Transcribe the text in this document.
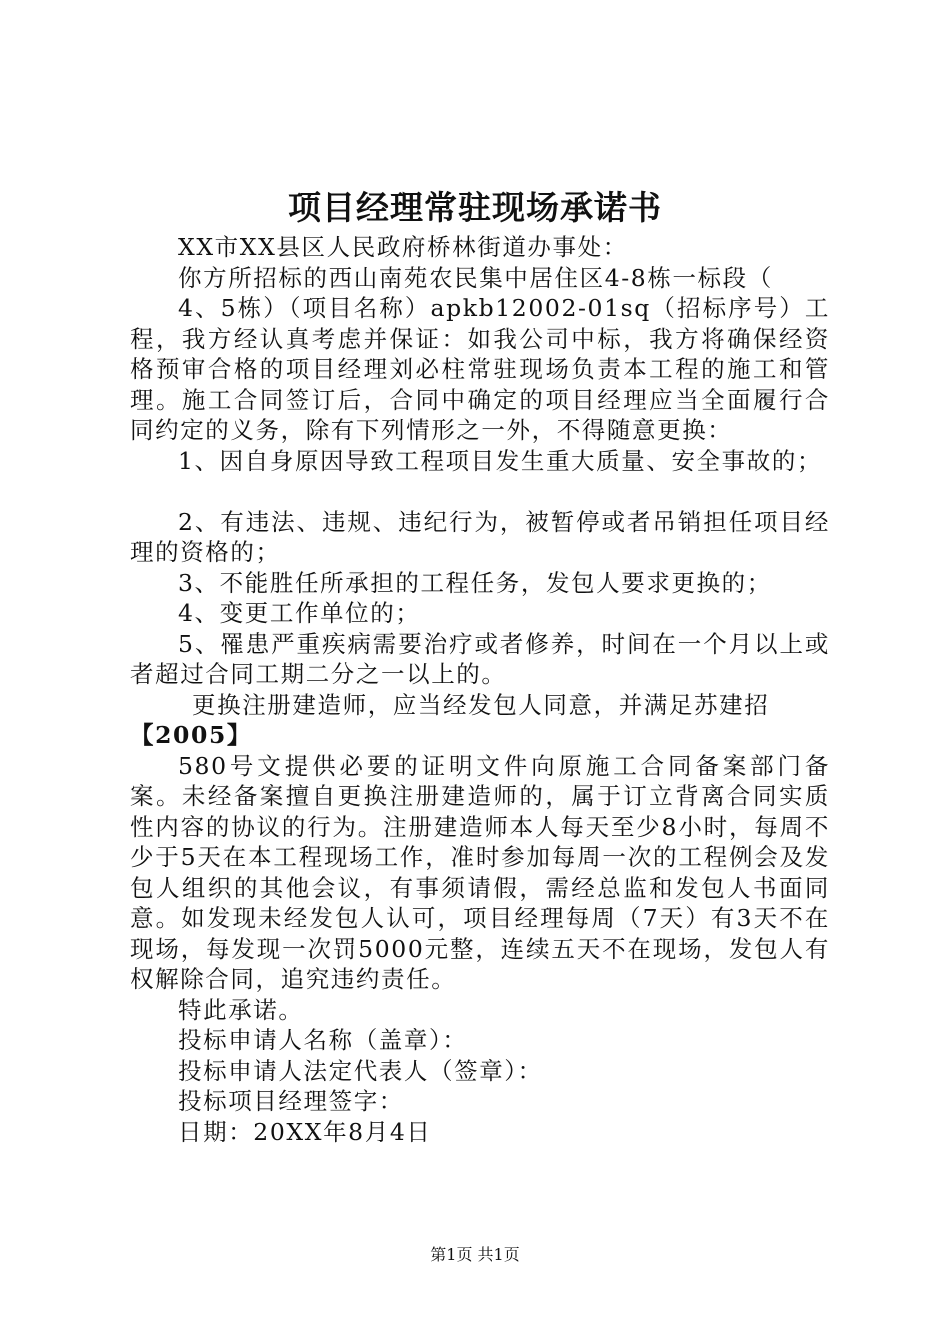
项目经理常驻现场承诺书

XX市XX县区人民政府桥林街道办事处：

你方所招标的西山南苑农民集中居住区4-8栋一标段（

4、5栋）（项目名称）apkb12002-01sq（招标序号）工程，我方经认真考虑并保证：如我公司中标，我方将确保经资格预审合格的项目经理刘必柱常驻现场负责本工程的施工和管理。施工合同签订后，合同中确定的项目经理应当全面履行合同约定的义务，除有下列情形之一外，不得随意更换：

1、因自身原因导致工程项目发生重大质量、安全事故的；

2、有违法、违规、违纪行为，被暂停或者吊销担任项目经理的资格的；

3、不能胜任所承担的工程任务，发包人要求更换的；

4、变更工作单位的；

5、罹患严重疾病需要治疗或者修养，时间在一个月以上或者超过合同工期二分之一以上的。

更换注册建造师，应当经发包人同意，并满足苏建招

【2005】

580号文提供必要的证明文件向原施工合同备案部门备案。未经备案擅自更换注册建造师的，属于订立背离合同实质性内容的协议的行为。注册建造师本人每天至少8小时，每周不少于5天在本工程现场工作，准时参加每周一次的工程例会及发包人组织的其他会议，有事须请假，需经总监和发包人书面同意。如发现未经发包人认可，项目经理每周（7天）有3天不在现场，每发现一次罚5000元整，连续五天不在现场，发包人有权解除合同，追究违约责任。

特此承诺。

投标申请人名称（盖章）：

投标申请人法定代表人（签章）：

投标项目经理签字：

日期：20XX年8月4日

第1页 共1页
